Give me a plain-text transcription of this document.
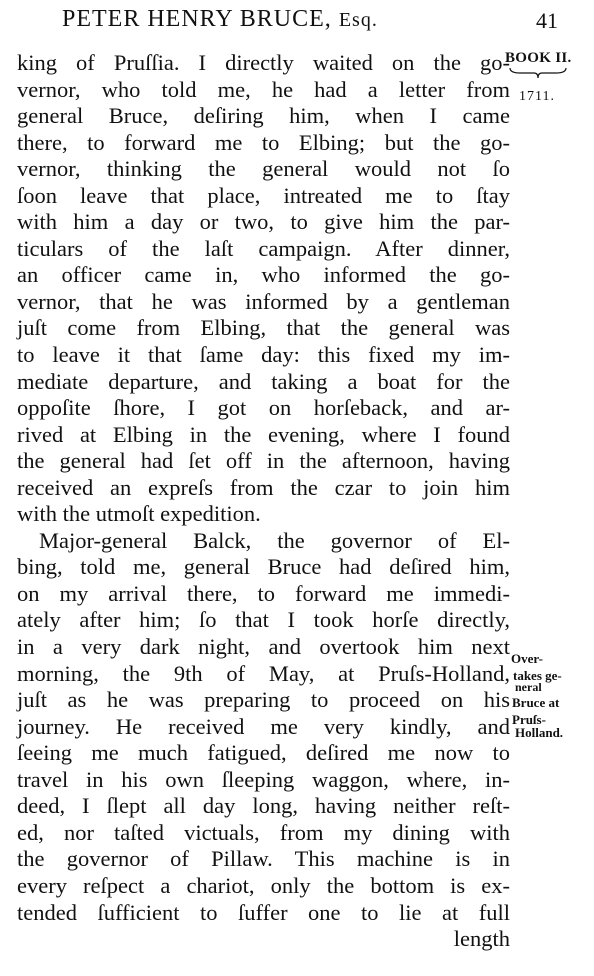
PETER HENRY BRUCE, Esq.	41
BOOK II.
1711.
Over-
takes ge-
neral
Bruce at
Pruſs-
Holland.
king of Pruſſia. I directly waited on the go-
vernor, who told me, he had a letter from
general Bruce, deſiring him, when I came
there, to forward me to Elbing; but the go-
vernor, thinking the general would not ſo
ſoon leave that place, intreated me to ſtay
with him a day or two, to give him the par-
ticulars of the laſt campaign. After dinner,
an officer came in, who informed the go-
vernor, that he was informed by a gentleman
juſt come from Elbing, that the general was
to leave it that ſame day: this fixed my im-
mediate departure, and taking a boat for the
oppoſite ſhore, I got on horſeback, and ar-
rived at Elbing in the evening, where I found
the general had ſet off in the afternoon, having
received an expreſs from the czar to join him
with the utmoſt expedition.
Major-general Balck, the governor of El-
bing, told me, general Bruce had deſired him,
on my arrival there, to forward me immedi-
ately after him; ſo that I took horſe directly,
in a very dark night, and overtook him next
morning, the 9th of May, at Pruſs-Holland,
juſt as he was preparing to proceed on his
journey. He received me very kindly, and
ſeeing me much fatigued, deſired me now to
travel in his own ſleeping waggon, where, in-
deed, I ſlept all day long, having neither reſt-
ed, nor taſted victuals, from my dining with
the governor of Pillaw. This machine is in
every reſpect a chariot, only the bottom is ex-
tended ſufficient to ſuffer one to lie at full
length
